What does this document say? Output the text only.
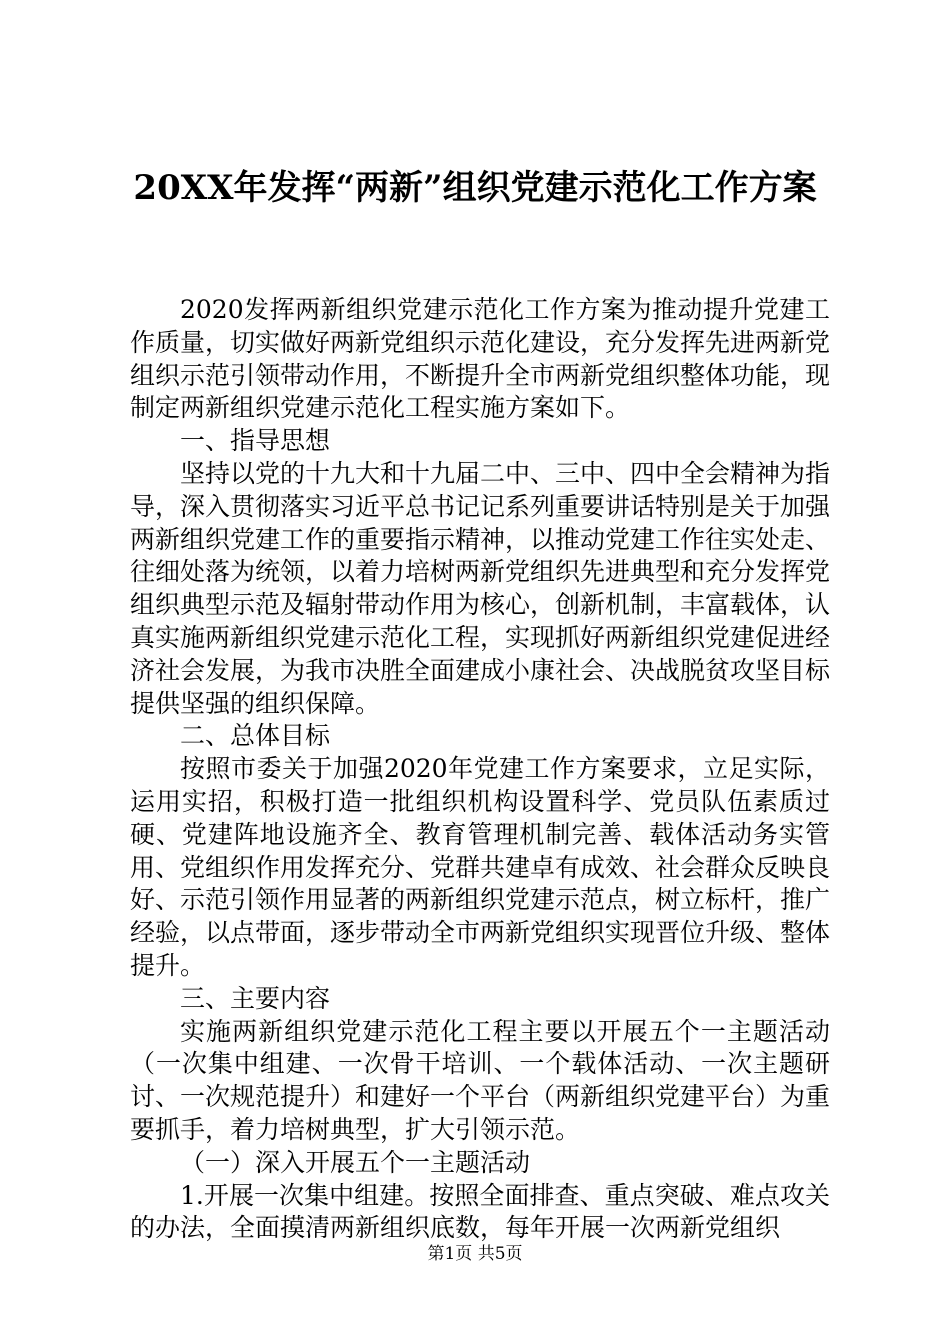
20XX年发挥“两新”组织党建示范化工作方案

2020发挥两新组织党建示范化工作方案为推动提升党建工作质量，切实做好两新党组织示范化建设，充分发挥先进两新党组织示范引领带动作用，不断提升全市两新党组织整体功能，现制定两新组织党建示范化工程实施方案如下。

一、指导思想

坚持以党的十九大和十九届二中、三中、四中全会精神为指导，深入贯彻落实习近平总书记记系列重要讲话特别是关于加强两新组织党建工作的重要指示精神，以推动党建工作往实处走、往细处落为统领，以着力培树两新党组织先进典型和充分发挥党组织典型示范及辐射带动作用为核心，创新机制，丰富载体，认真实施两新组织党建示范化工程，实现抓好两新组织党建促进经济社会发展，为我市决胜全面建成小康社会、决战脱贫攻坚目标提供坚强的组织保障。

二、总体目标

按照市委关于加强2020年党建工作方案要求，立足实际，运用实招，积极打造一批组织机构设置科学、党员队伍素质过硬、党建阵地设施齐全、教育管理机制完善、载体活动务实管用、党组织作用发挥充分、党群共建卓有成效、社会群众反映良好、示范引领作用显著的两新组织党建示范点，树立标杆，推广经验，以点带面，逐步带动全市两新党组织实现晋位升级、整体提升。

三、主要内容

实施两新组织党建示范化工程主要以开展五个一主题活动（一次集中组建、一次骨干培训、一个载体活动、一次主题研讨、一次规范提升）和建好一个平台（两新组织党建平台）为重要抓手，着力培树典型，扩大引领示范。

（一）深入开展五个一主题活动

1.开展一次集中组建。按照全面排查、重点突破、难点攻关的办法，全面摸清两新组织底数，每年开展一次两新党组织

第1页 共5页
